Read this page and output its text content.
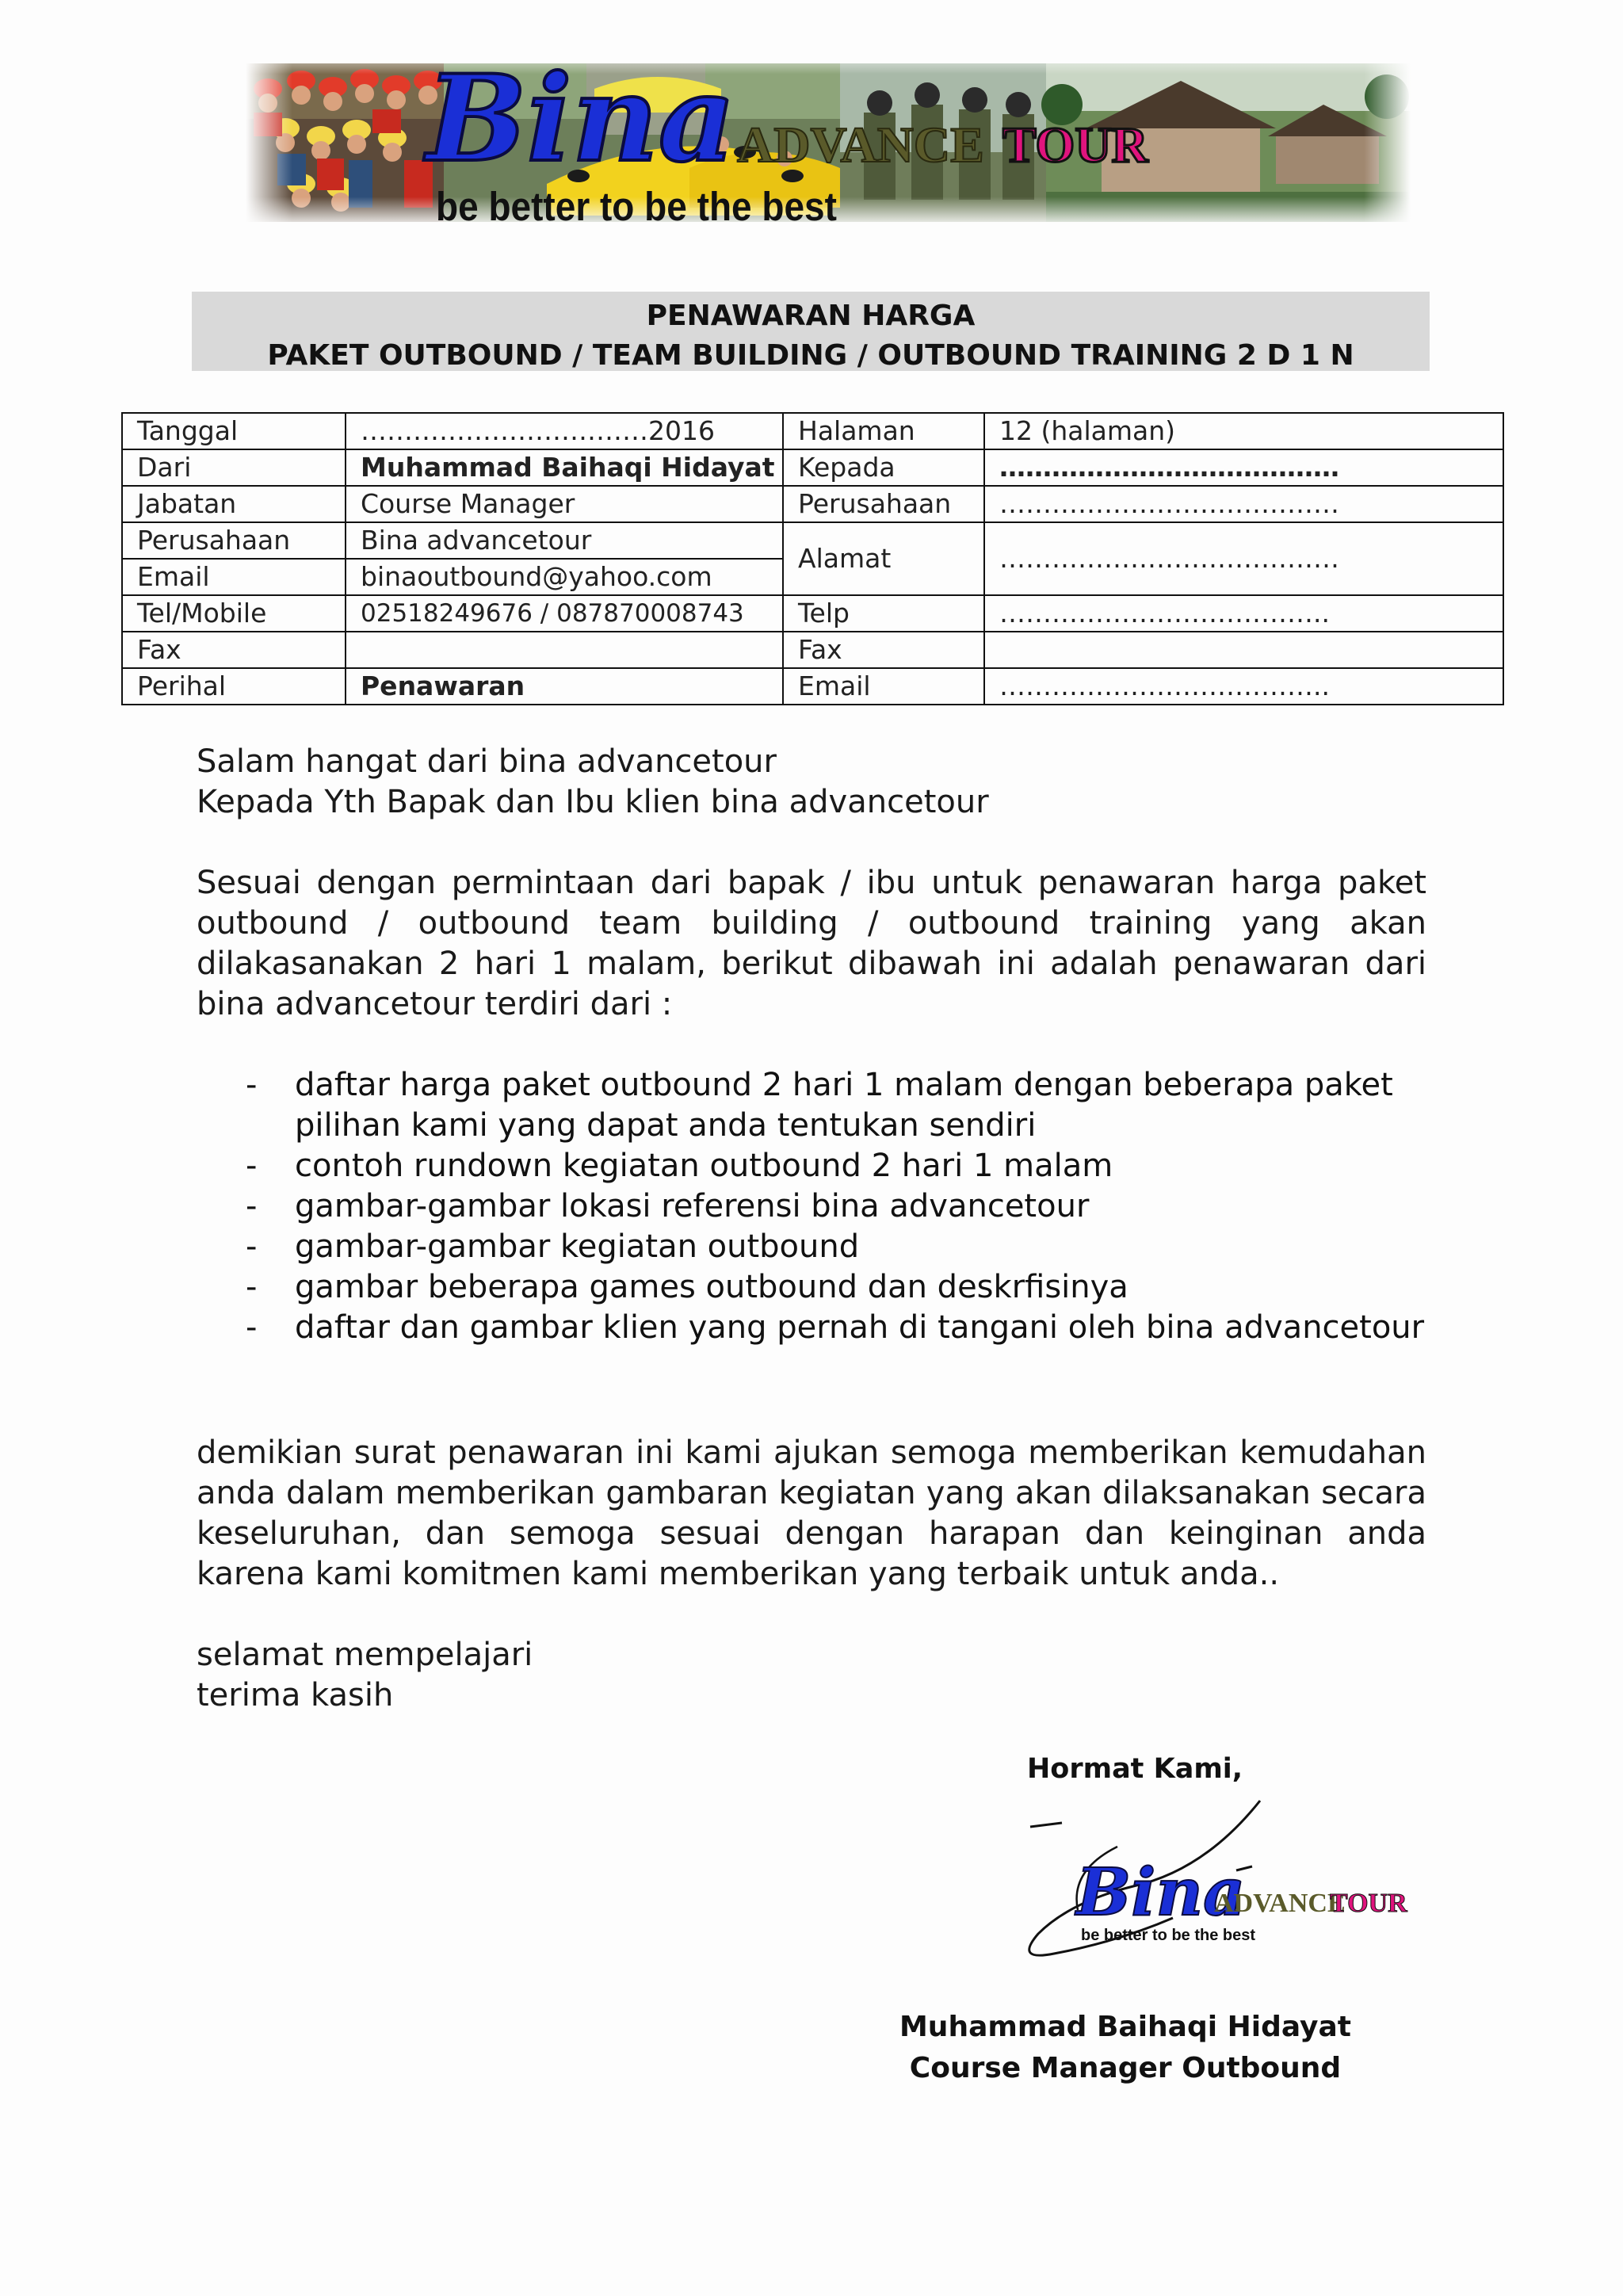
Bina ADVANCE TOUR
be better to be the best
PENAWARAN HARGA
PAKET OUTBOUND / TEAM BUILDING / OUTBOUND TRAINING 2 D 1 N
Tanggal	……………………………2016	Halaman	12 (halaman)
Dari	Muhammad Baihaqi Hidayat	Kepada	…………………………………
Jabatan	Course Manager	Perusahaan	…………………………………
Perusahaan	Bina advancetour	Alamat	…………………………………
Email	binaoutbound@yahoo.com		
Tel/Mobile	02518249676 / 087870008743	Telp	………………………………..
Fax		Fax	
Perihal	Penawaran	Email	………………………………..
Salam hangat dari bina advancetour
Kepada Yth Bapak dan Ibu klien bina advancetour
Sesuai dengan permintaan dari bapak / ibu untuk penawaran harga paket outbound / outbound team building / outbound training yang akan dilakasanakan 2 hari 1 malam, berikut dibawah ini adalah penawaran dari bina advancetour terdiri dari :
- daftar harga paket outbound 2 hari 1 malam dengan beberapa paket pilihan kami yang dapat anda tentukan sendiri
- contoh rundown kegiatan outbound 2 hari 1 malam
- gambar-gambar lokasi referensi bina advancetour
- gambar-gambar kegiatan outbound
- gambar beberapa games outbound dan deskrfisinya
- daftar dan gambar klien yang pernah di tangani oleh bina advancetour
demikian surat penawaran ini kami ajukan semoga memberikan kemudahan anda dalam memberikan gambaran kegiatan yang akan dilaksanakan secara keseluruhan, dan semoga sesuai dengan harapan dan keinginan anda karena kami komitmen kami memberikan yang terbaik untuk anda..
selamat mempelajari
terima kasih
Hormat Kami,
Bina
ADVANCE
TOUR
be better to be the best
Muhammad Baihaqi Hidayat
Course Manager Outbound
